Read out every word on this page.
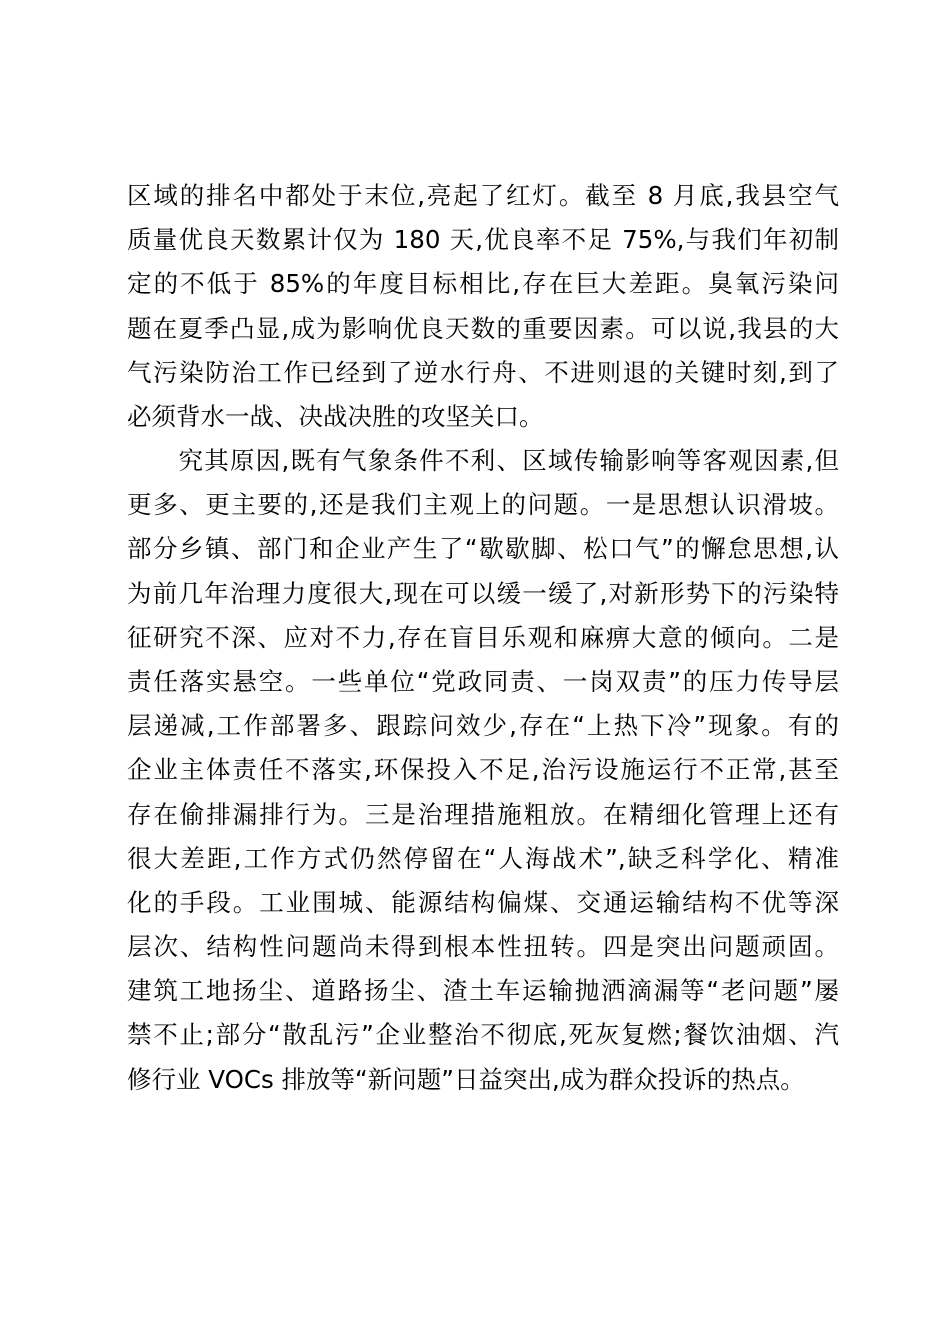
区域的排名中都处于末位,亮起了红灯。截至 8 月底,我县空气
质量优良天数累计仅为 180 天,优良率不足 75%,与我们年初制
定的不低于 85%的年度目标相比,存在巨大差距。臭氧污染问
题在夏季凸显,成为影响优良天数的重要因素。可以说,我县的大
气污染防治工作已经到了逆水行舟、不进则退的关键时刻,到了
必须背水一战、决战决胜的攻坚关口。
　　究其原因,既有气象条件不利、区域传输影响等客观因素,但
更多、更主要的,还是我们主观上的问题。一是思想认识滑坡。
部分乡镇、部门和企业产生了“歇歇脚、松口气”的懈怠思想,认
为前几年治理力度很大,现在可以缓一缓了,对新形势下的污染特
征研究不深、应对不力,存在盲目乐观和麻痹大意的倾向。二是
责任落实悬空。一些单位“党政同责、一岗双责”的压力传导层
层递减,工作部署多、跟踪问效少,存在“上热下冷”现象。有的
企业主体责任不落实,环保投入不足,治污设施运行不正常,甚至
存在偷排漏排行为。三是治理措施粗放。在精细化管理上还有
很大差距,工作方式仍然停留在“人海战术”,缺乏科学化、精准
化的手段。工业围城、能源结构偏煤、交通运输结构不优等深
层次、结构性问题尚未得到根本性扭转。四是突出问题顽固。
建筑工地扬尘、道路扬尘、渣土车运输抛洒滴漏等“老问题”屡
禁不止;部分“散乱污”企业整治不彻底,死灰复燃;餐饮油烟、汽
修行业 VOCs 排放等“新问题”日益突出,成为群众投诉的热点。
